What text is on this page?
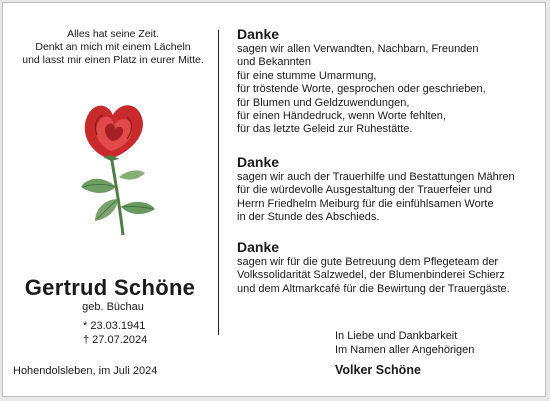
Alles hat seine Zeit.
Denkt an mich mit einem Lächeln
und lasst mir einen Platz in eurer Mitte.
Gertrud Schöne
geb. Büchau
* 23.03.1941
† 27.07.2024
Hohendolsleben, im Juli 2024
Danke
sagen wir allen Verwandten, Nachbarn, Freunden
und Bekannten
für eine stumme Umarmung,
für tröstende Worte, gesprochen oder geschrieben,
für Blumen und Geldzuwendungen,
für einen Händedruck, wenn Worte fehlten,
für das letzte Geleid zur Ruhestätte.
Danke
sagen wir auch der Trauerhilfe und Bestattungen Mähren
für die würdevolle Ausgestaltung der Trauerfeier und
Herrn Friedhelm Meiburg für die einfühlsamen Worte
in der Stunde des Abschieds.
Danke
sagen wir für die gute Betreuung dem Pflegeteam der
Volkssolidarität Salzwedel, der Blumenbinderei Schierz
und dem Altmarkcafé für die Bewirtung der Trauergäste.
In Liebe und Dankbarkeit
Im Namen aller Angehörigen
Volker Schöne
